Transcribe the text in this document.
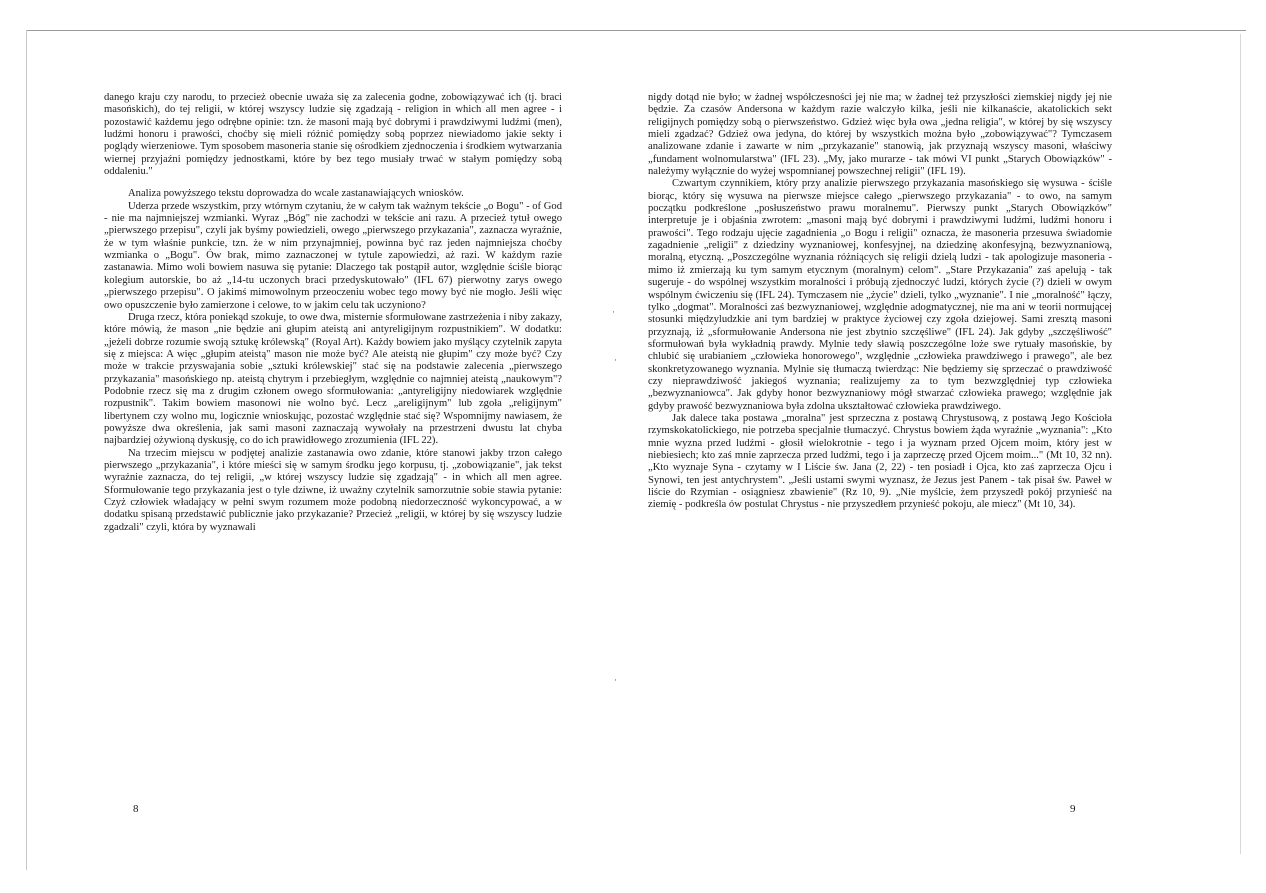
·
·
·

danego kraju czy narodu, to przecież obecnie uważa się za zalecenia godne, zobowiązywać ich (tj. braci masońskich), do tej religii, w której wszyscy ludzie się zgadzają - religion in which all men agree - i pozostawić każdemu jego odrębne opinie: tzn. że masoni mają być dobrymi i prawdziwymi ludźmi (men), ludźmi honoru i prawości, choćby się mieli różnić pomiędzy sobą poprzez niewiadomo jakie sekty i poglądy wierzeniowe. Tym sposobem masoneria stanie się ośrodkiem zjednoczenia i środkiem wytwarzania wiernej przyjaźni pomiędzy jednostkami, które by bez tego musiały trwać w stałym pomiędzy sobą oddaleniu."

Analiza powyższego tekstu doprowadza do wcale zastanawiających wniosków.

Uderza przede wszystkim, przy wtórnym czytaniu, że w całym tak ważnym tekście „o Bogu" - of God - nie ma najmniejszej wzmianki. Wyraz „Bóg" nie zachodzi w tekście ani razu. A przecież tytuł owego „pierwszego przepisu", czyli jak byśmy powiedzieli, owego „pierwszego przykazania", zaznacza wyraźnie, że w tym właśnie punkcie, tzn. że w nim przynajmniej, powinna być raz jeden najmniejsza choćby wzmianka o „Bogu". Ów brak, mimo zaznaczonej w tytule zapowiedzi, aż razi. W każdym razie zastanawia. Mimo woli bowiem nasuwa się pytanie: Dlaczego tak postąpił autor, względnie ściśle biorąc kolegium autorskie, bo aż „14-tu uczonych braci przedyskutowało" (IFL 67) pierwotny zarys owego „pierwszego przepisu". O jakimś mimowolnym przeoczeniu wobec tego mowy być nie mogło. Jeśli więc owo opuszczenie było zamierzone i celowe, to w jakim celu tak uczyniono?

Druga rzecz, która poniekąd szokuje, to owe dwa, misternie sformułowane zastrzeżenia i niby zakazy, które mówią, że mason „nie będzie ani głupim ateistą ani antyreligijnym rozpustnikiem". W dodatku: „jeżeli dobrze rozumie swoją sztukę królewską" (Royal Art). Każdy bowiem jako myślący czytelnik zapyta się z miejsca: A więc „głupim ateistą" mason nie może być? Ale ateistą nie głupim" czy może być? Czy może w trakcie przyswajania sobie „sztuki królewskiej" stać się na podstawie zalecenia „pierwszego przykazania" masońskiego np. ateistą chytrym i przebiegłym, względnie co najmniej ateistą „naukowym"? Podobnie rzecz się ma z drugim członem owego sformułowania: „antyreligijny niedowiarek względnie rozpustnik". Takim bowiem masonowi nie wolno być. Lecz „areligijnym" lub zgoła „religijnym" libertynem czy wolno mu, logicznie wnioskując, pozostać względnie stać się? Wspomnijmy nawiasem, że powyższe dwa określenia, jak sami masoni zaznaczają wywołały na przestrzeni dwustu lat chyba najbardziej ożywioną dyskusję, co do ich prawidłowego zrozumienia (IFL 22).

Na trzecim miejscu w podjętej analizie zastanawia owo zdanie, które stanowi jakby trzon całego pierwszego „przykazania", i które mieści się w samym środku jego korpusu, tj. „zobowiązanie", jak tekst wyraźnie zaznacza, do tej religii, „w której wszyscy ludzie się zgadzają" - in which all men agree. Sformułowanie tego przykazania jest o tyle dziwne, iż uważny czytelnik samorzutnie sobie stawia pytanie: Czyż człowiek władający w pełni swym rozumem może podobną niedorzeczność wykoncypować, a w dodatku spisaną przedstawić publicznie jako przykazanie? Przecież „religii, w której by się wszyscy ludzie zgadzali" czyli, która by wyznawali

8

nigdy dotąd nie było; w żadnej współczesności jej nie ma; w żadnej też przyszłości ziemskiej nigdy jej nie będzie. Za czasów Andersona w każdym razie walczyło kilka, jeśli nie kilkanaście, akatolickich sekt religijnych pomiędzy sobą o pierwszeństwo. Gdzież więc była owa „jedna religia", w której by się wszyscy mieli zgadzać? Gdzież owa jedyna, do której by wszystkich można było „zobowiązywać"? Tymczasem analizowane zdanie i zawarte w nim „przykazanie" stanowią, jak przyznają wszyscy masoni, właściwy „fundament wolnomularstwa" (IFL 23). „My, jako murarze - tak mówi VI punkt „Starych Obowiązków" - należymy wyłącznie do wyżej wspomnianej powszechnej religii" (IFL 19).

Czwartym czynnikiem, który przy analizie pierwszego przykazania masońskiego się wysuwa - ściśle biorąc, który się wysuwa na pierwsze miejsce całego „pierwszego przykazania" - to owo, na samym początku podkreślone „posłuszeństwo prawu moralnemu". Pierwszy punkt „Starych Obowiązków" interpretuje je i objaśnia zwrotem: „masoni mają być dobrymi i prawdziwymi ludźmi, ludźmi honoru i prawości". Tego rodzaju ujęcie zagadnienia „o Bogu i religii" oznacza, że masoneria przesuwa świadomie zagadnienie „religii" z dziedziny wyznaniowej, konfesyjnej, na dziedzinę akonfesyjną, bezwyznaniową, moralną, etyczną. „Poszczególne wyznania różniących się religii dzielą ludzi - tak apologizuje masoneria - mimo iż zmierzają ku tym samym etycznym (moralnym) celom". „Stare Przykazania" zaś apelują - tak sugeruje - do wspólnej wszystkim moralności i próbują zjednoczyć ludzi, których życie (?) dzieli w owym wspólnym ćwiczeniu się (IFL 24). Tymczasem nie „życie" dzieli, tylko „wyznanie". I nie „moralność" łączy, tylko „dogmat". Moralności zaś bezwyznaniowej, względnie adogmatycznej, nie ma ani w teorii normującej stosunki międzyludzkie ani tym bardziej w praktyce życiowej czy zgoła dziejowej. Sami zresztą masoni przyznają, iż „sformułowanie Andersona nie jest zbytnio szczęśliwe" (IFL 24). Jak gdyby „szczęśliwość" sformułowań była wykładnią prawdy. Mylnie tedy sławią poszczególne loże swe rytuały masońskie, by chlubić się urabianiem „człowieka honorowego", względnie „człowieka prawdziwego i prawego", ale bez skonkretyzowanego wyznania. Mylnie się tłumaczą twierdząc: Nie będziemy się sprzeczać o prawdziwość czy nieprawdziwość jakiegoś wyznania; realizujemy za to tym bezwzględniej typ człowieka „bezwyznaniowca". Jak gdyby honor bezwyznaniowy mógł stwarzać człowieka prawego; względnie jak gdyby prawość bezwyznaniowa była zdolna ukształtować człowieka prawdziwego.

Jak dalece taka postawa „moralna" jest sprzeczna z postawą Chrystusową, z postawą Jego Kościoła rzymskokatolickiego, nie potrzeba specjalnie tłumaczyć. Chrystus bowiem żąda wyraźnie „wyznania": „Kto mnie wyzna przed ludźmi - głosił wielokrotnie - tego i ja wyznam przed Ojcem moim, który jest w niebiesiech; kto zaś mnie zaprzecza przed ludźmi, tego i ja zaprzeczę przed Ojcem moim..." (Mt 10, 32 nn). „Kto wyznaje Syna - czytamy w I Liście św. Jana (2, 22) - ten posiadł i Ojca, kto zaś zaprzecza Ojcu i Synowi, ten jest antychrystem". „Jeśli ustami swymi wyznasz, że Jezus jest Panem - tak pisał św. Paweł w liście do Rzymian - osiągniesz zbawienie" (Rz 10, 9). „Nie myślcie, żem przyszedł pokój przynieść na ziemię - podkreśla ów postulat Chrystus - nie przyszedłem przynieść pokoju, ale miecz" (Mt 10, 34).

9
